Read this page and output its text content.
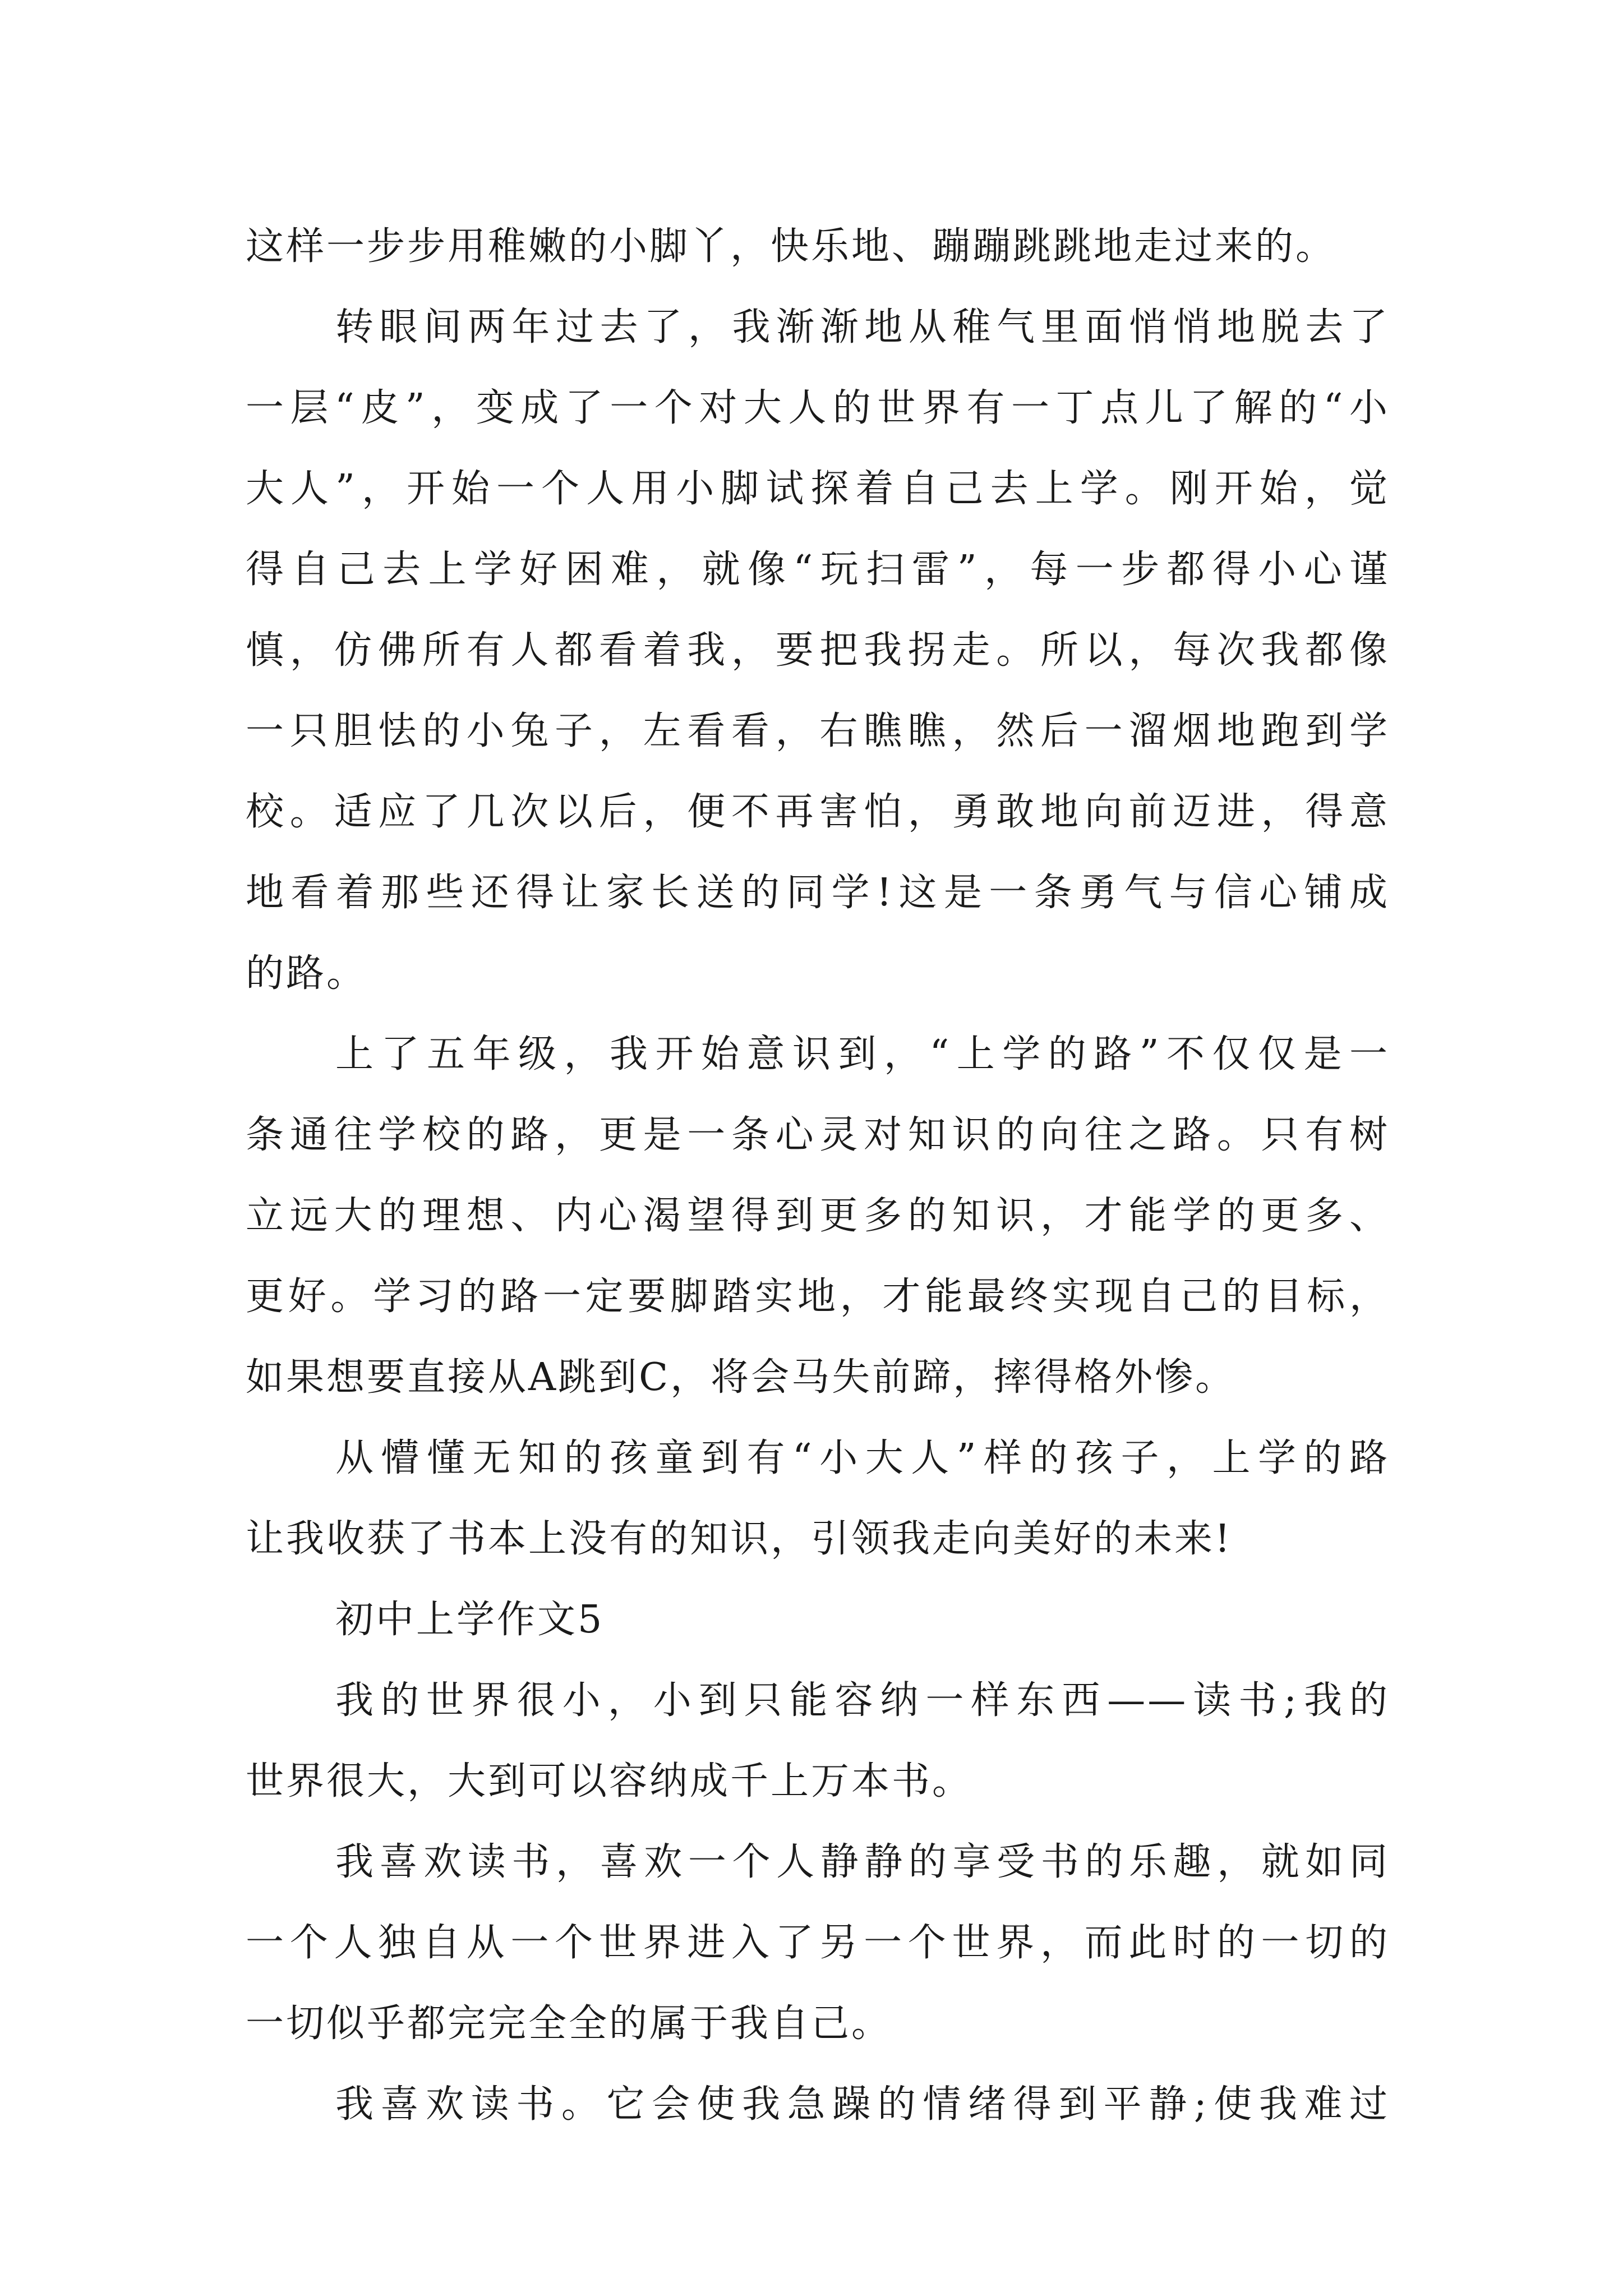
这样一步步用稚嫩的小脚丫，快乐地、蹦蹦跳跳地走过来的。
转眼间两年过去了，我渐渐地从稚气里面悄悄地脱去了
一层“皮”，变成了一个对大人的世界有一丁点儿了解的“小
大人”，开始一个人用小脚试探着自己去上学。刚开始，觉
得自己去上学好困难，就像“玩扫雷”，每一步都得小心谨
慎，仿佛所有人都看着我，要把我拐走。所以，每次我都像
一只胆怯的小兔子，左看看，右瞧瞧，然后一溜烟地跑到学
校。适应了几次以后，便不再害怕，勇敢地向前迈进，得意
地看着那些还得让家长送的同学!这是一条勇气与信心铺成
的路。
上了五年级，我开始意识到，“上学的路”不仅仅是一
条通往学校的路，更是一条心灵对知识的向往之路。只有树
立远大的理想、内心渴望得到更多的知识，才能学的更多、
更好。学习的路一定要脚踏实地，才能最终实现自己的目标，
如果想要直接从A跳到C，将会马失前蹄，摔得格外惨。
从懵懂无知的孩童到有“小大人”样的孩子，上学的路
让我收获了书本上没有的知识，引领我走向美好的未来!
初中上学作文5
我的世界很小，小到只能容纳一样东西——读书;我的
世界很大，大到可以容纳成千上万本书。
我喜欢读书，喜欢一个人静静的享受书的乐趣，就如同
一个人独自从一个世界进入了另一个世界，而此时的一切的
一切似乎都完完全全的属于我自己。
我喜欢读书。它会使我急躁的情绪得到平静;使我难过
